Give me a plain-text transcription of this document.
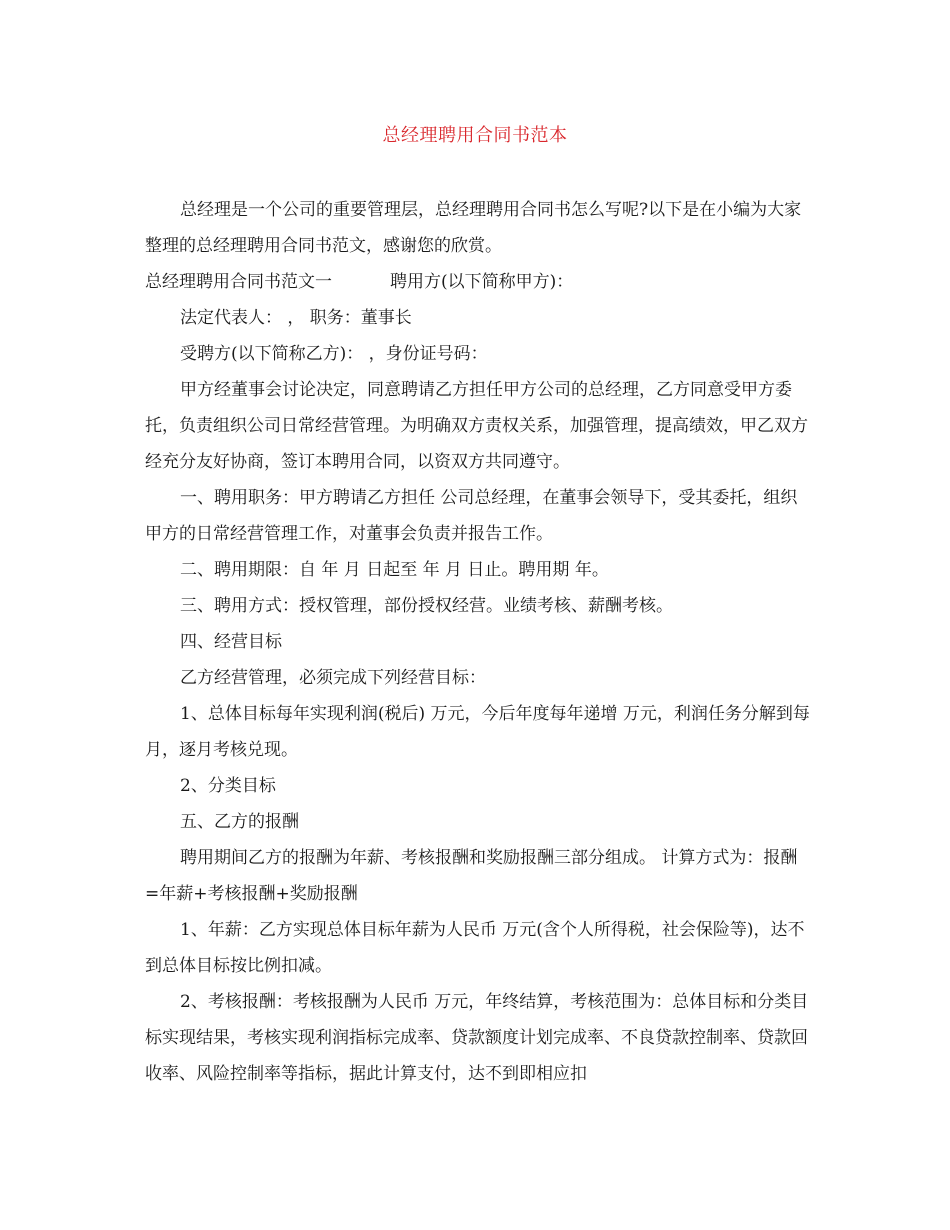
总经理聘用合同书范本

总经理是一个公司的重要管理层，总经理聘用合同书怎么写呢?以下是在小编为大家整理的总经理聘用合同书范文，感谢您的欣赏。

总经理聘用合同书范文一	聘用方(以下简称甲方)：

法定代表人： ， 职务：董事长

受聘方(以下简称乙方)： ，身份证号码：

甲方经董事会讨论决定，同意聘请乙方担任甲方公司的总经理，乙方同意受甲方委托，负责组织公司日常经营管理。为明确双方责权关系，加强管理，提高绩效，甲乙双方经充分友好协商，签订本聘用合同，以资双方共同遵守。

一、聘用职务：甲方聘请乙方担任 公司总经理，在董事会领导下，受其委托，组织甲方的日常经营管理工作，对董事会负责并报告工作。

二、聘用期限：自 年 月 日起至 年 月 日止。聘用期 年。

三、聘用方式：授权管理，部份授权经营。业绩考核、薪酬考核。

四、经营目标

乙方经营管理，必须完成下列经营目标：

1、总体目标每年实现利润(税后) 万元，今后年度每年递增 万元，利润任务分解到每月，逐月考核兑现。

2、分类目标

五、乙方的报酬

聘用期间乙方的报酬为年薪、考核报酬和奖励报酬三部分组成。 计算方式为：报酬=年薪+考核报酬+奖励报酬

1、年薪：乙方实现总体目标年薪为人民币 万元(含个人所得税，社会保险等)，达不到总体目标按比例扣减。

2、考核报酬：考核报酬为人民币 万元，年终结算，考核范围为：总体目标和分类目标实现结果，考核实现利润指标完成率、贷款额度计划完成率、不良贷款控制率、贷款回收率、风险控制率等指标，据此计算支付，达不到即相应扣
